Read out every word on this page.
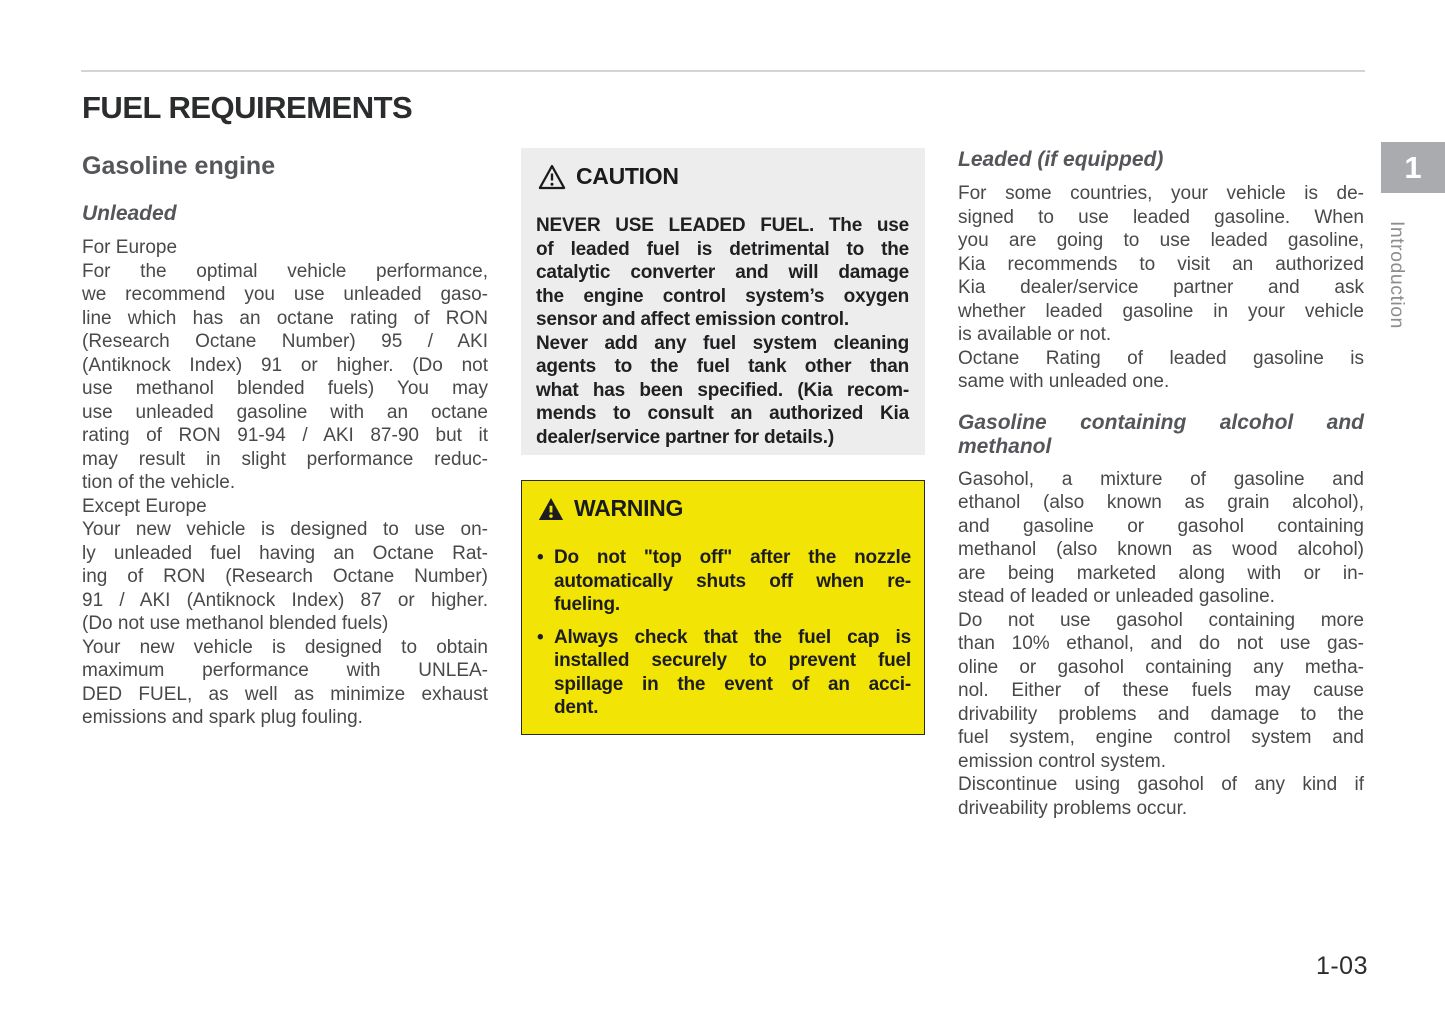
FUEL REQUIREMENTS
Gasoline engine
Unleaded
For Europe
For the optimal vehicle performance,
we recommend you use unleaded gaso-
line which has an octane rating of RON
(Research Octane Number) 95 / AKI
(Antiknock Index) 91 or higher. (Do not
use methanol blended fuels) You may
use unleaded gasoline with an octane
rating of RON 91-94 / AKI 87-90 but it
may result in slight performance reduc-
tion of the vehicle.
Except Europe
Your new vehicle is designed to use on-
ly unleaded fuel having an Octane Rat-
ing of RON (Research Octane Number)
91 / AKI (Antiknock Index) 87 or higher.
(Do not use methanol blended fuels)
Your new vehicle is designed to obtain
maximum performance with UNLEA-
DED FUEL, as well as minimize exhaust
emissions and spark plug fouling.
CAUTION
NEVER USE LEADED FUEL. The use
of leaded fuel is detrimental to the
catalytic converter and will damage
the engine control system’s oxygen
sensor and affect emission control.
Never add any fuel system cleaning
agents to the fuel tank other than
what has been specified. (Kia recom-
mends to consult an authorized Kia
dealer/service partner for details.)
WARNING
• Do not "top off" after the nozzle
automatically shuts off when re-
fueling.
• Always check that the fuel cap is
installed securely to prevent fuel
spillage in the event of an acci-
dent.
Leaded (if equipped)
For some countries, your vehicle is de-
signed to use leaded gasoline. When
you are going to use leaded gasoline,
Kia recommends to visit an authorized
Kia dealer/service partner and ask
whether leaded gasoline in your vehicle
is available or not.
Octane Rating of leaded gasoline is
same with unleaded one.
Gasoline containing alcohol and
methanol
Gasohol, a mixture of gasoline and
ethanol (also known as grain alcohol),
and gasoline or gasohol containing
methanol (also known as wood alcohol)
are being marketed along with or in-
stead of leaded or unleaded gasoline.
Do not use gasohol containing more
than 10% ethanol, and do not use gas-
oline or gasohol containing any metha-
nol. Either of these fuels may cause
drivability problems and damage to the
fuel system, engine control system and
emission control system.
Discontinue using gasohol of any kind if
driveability problems occur.
1
Introduction
1-03
